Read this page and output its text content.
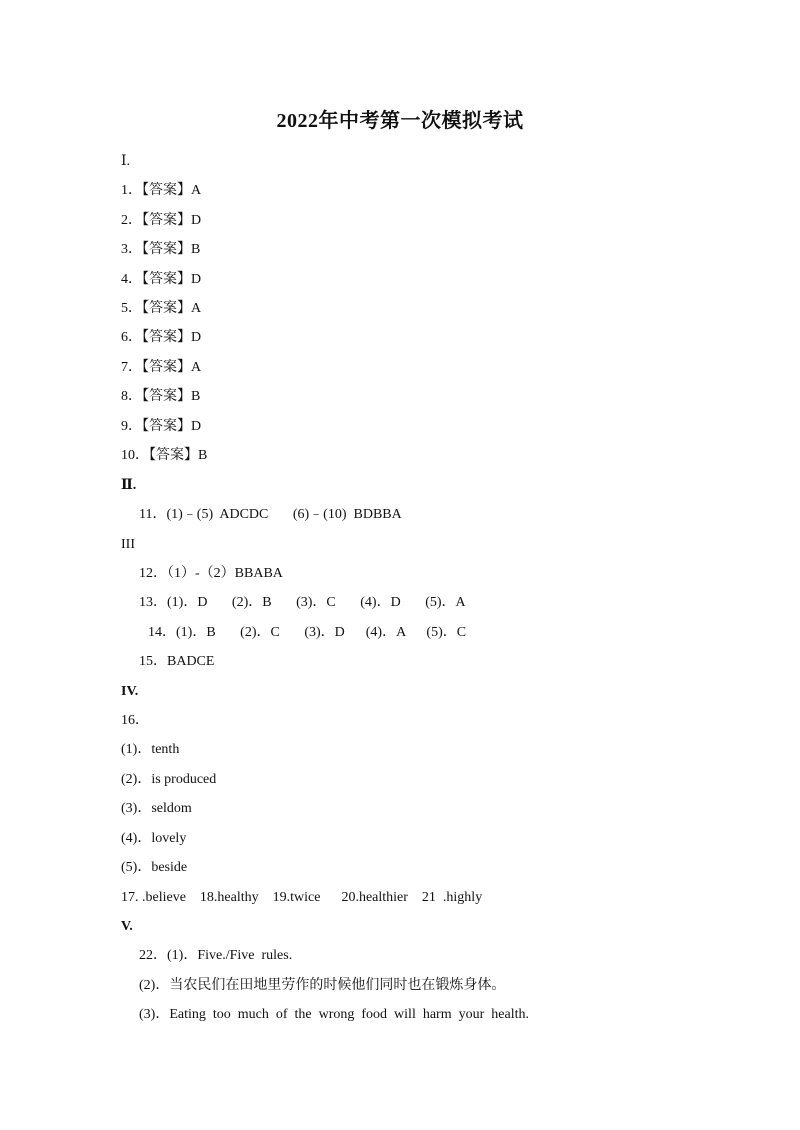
2022年中考第一次模拟考试
Ⅰ.
1．【答案】A
2．【答案】D
3．【答案】B
4．【答案】D
5．【答案】A
6．【答案】D
7．【答案】A
8．【答案】B
9．【答案】D
10．【答案】B
Ⅱ.
11．(1)﹣(5)  ADCDC       (6)﹣(10)  BDBBA
III
12．（1）-（2）BBABA
13．(1)．D       (2)．B       (3)．C       (4)．D       (5)．A
14．(1)．B       (2)．C       (3)．D      (4)．A      (5)．C
15．BADCE
IV.
16．
(1)．tenth
(2)．is produced
(3)．seldom
(4)．lovely
(5)．beside
17. .believe    18.healthy    19.twice      20.healthier    21  .highly
V.
22．(1)．Five./Five  rules.
(2)．当农民们在田地里劳作的时候他们同时也在锻炼身体。
(3)．Eating  too  much  of  the  wrong  food  will  harm  your  health.
